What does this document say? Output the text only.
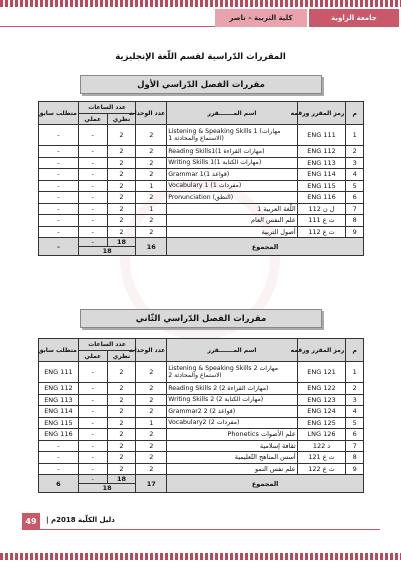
جامعة الزاوية
كلية التربية – ناصر
المقررات الدّراسية لقسم اللّغة الإنجليزية
مقررات الفصل الدّراسي الأول
م	رمز المقرر ورقمه	اسم المـــــــقرر	عدد الوحدات	عدد الساعات		متطلب سابق
				نظري	عملي	
1	ENG 111	Listening & Speaking Skills 1 (مهارات الاستماع والمحادثة 1)	2	2	-	-
2	ENG 112	Reading Skills1(1 مهارات القراءة)	2	2	-	-
3	ENG 113	Writing Skills 1(1 مهارات الكتابة)	2	2	-	-
4	ENG 114	Grammar 1(1 قواعد)	2	2	-	-
5	ENG 115	Vocabulary 1 (مفردات 1)	1	2	-	-
6	ENG 116	Pronunciation (النطق)	2	2	-	-
7	ل ن 112	اللّغة العربية 1	1	2	-	-
8	ت ع 111	علم النفس العام	2	2	-	-
9	ت ع 112	أصول التربية	2	2	-	-
المجموع			16	18	-	-
				18		
مقررات الفصل الدّراسي الثّاني
م	رمز المقرر ورقمه	اسم المـــــــقرر	عدد الوحدات	عدد الساعات		متطلب سابق
				نظري	عملي	
1	ENG 121	Listening & Speaking Skills 2 مهارات الاستماع والمحادثة 2	2	2	-	ENG 111
2	ENG 122	Reading Skills 2 (مهارات القراءة 2)	2	2	-	ENG 112
3	ENG 123	Writing Skills 2 (مهارات الكتابة 2)	2	2	-	ENG 113
4	ENG 124	Grammar2 2 (قواعد 2)	2	2	-	ENG 114
5	ENG 125	Vocabulary2 (مفردات 2)	1	2	-	ENG 115
6	LNG 126	علم الأصوات Phonetics	2	2	-	ENG 116
7	د 122	ثقافة إسلامية	2	2	-	-
8	ت ع 121	أسس المناهج التّعليمية	2	2	-	-
9	ت ع 122	علم نفس النمو	2	2	-	-
المجموع			17	18	-	6
				18		
49	دليل الكلّية 2018م |
